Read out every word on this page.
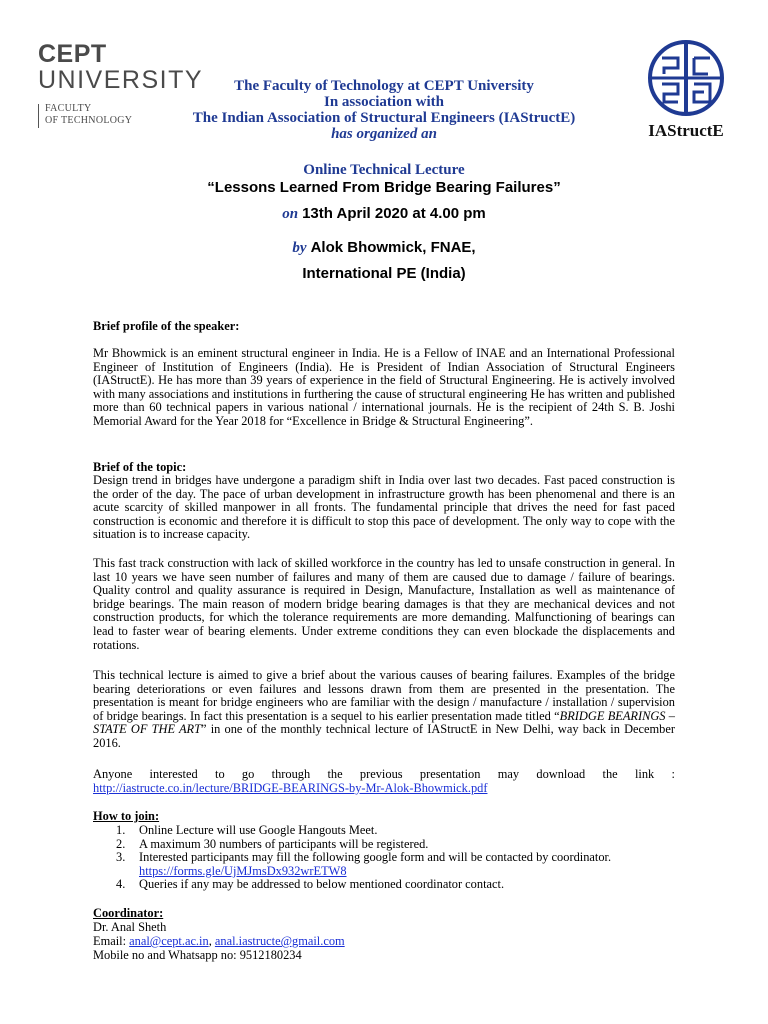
CEPT
UNIVERSITY
FACULTY
OF TECHNOLOGY
IAStructE
The Faculty of Technology at CEPT University
In association with
The Indian Association of Structural Engineers (IAStructE)
has organized an
Online Technical Lecture
“Lessons Learned From Bridge Bearing Failures”
on 13th April 2020 at 4.00 pm
by Alok Bhowmick, FNAE,
International PE (India)
Brief profile of the speaker:
Mr Bhowmick is an eminent structural engineer in India. He is a Fellow of INAE and an International Professional Engineer of Institution of Engineers (India). He is President of Indian Association of Structural Engineers (IAStructE). He has more than 39 years of experience in the field of Structural Engineering. He is actively involved with many associations and institutions in furthering the cause of structural engineering He has written and published more than 60 technical papers in various national / international journals. He is the recipient of 24th S. B. Joshi Memorial Award for the Year 2018 for “Excellence in Bridge & Structural Engineering”.
Brief of the topic:
Design trend in bridges have undergone a paradigm shift in India over last two decades. Fast paced construction is the order of the day. The pace of urban development in infrastructure growth has been phenomenal and there is an acute scarcity of skilled manpower in all fronts. The fundamental principle that drives the need for fast paced construction is economic and therefore it is difficult to stop this pace of development. The only way to cope with the situation is to increase capacity.
This fast track construction with lack of skilled workforce in the country has led to unsafe construction in general. In last 10 years we have seen number of failures and many of them are caused due to damage / failure of bearings. Quality control and quality assurance is required in Design, Manufacture, Installation as well as maintenance of bridge bearings. The main reason of modern bridge bearing damages is that they are mechanical devices and not construction products, for which the tolerance requirements are more demanding. Malfunctioning of bearings can lead to faster wear of bearing elements. Under extreme conditions they can even blockade the displacements and rotations.
This technical lecture is aimed to give a brief about the various causes of bearing failures. Examples of the bridge bearing deteriorations or even failures and lessons drawn from them are presented in the presentation. The presentation is meant for bridge engineers who are familiar with the design / manufacture / installation / supervision of bridge bearings. In fact this presentation is a sequel to his earlier presentation made titled “BRIDGE BEARINGS – STATE OF THE ART” in one of the monthly technical lecture of IAStructE in New Delhi, way back in December 2016.
Anyone interested to go through the previous presentation may download the link :
http://iastructe.co.in/lecture/BRIDGE-BEARINGS-by-Mr-Alok-Bhowmick.pdf
How to join:
1. Online Lecture will use Google Hangouts Meet.
2. A maximum 30 numbers of participants will be registered.
3. Interested participants may fill the following google form and will be contacted by coordinator.
https://forms.gle/UjMJmsDx932wrETW8
4. Queries if any may be addressed to below mentioned coordinator contact.
Coordinator:
Dr. Anal Sheth
Email: anal@cept.ac.in, anal.iastructe@gmail.com
Mobile no and Whatsapp no: 9512180234
